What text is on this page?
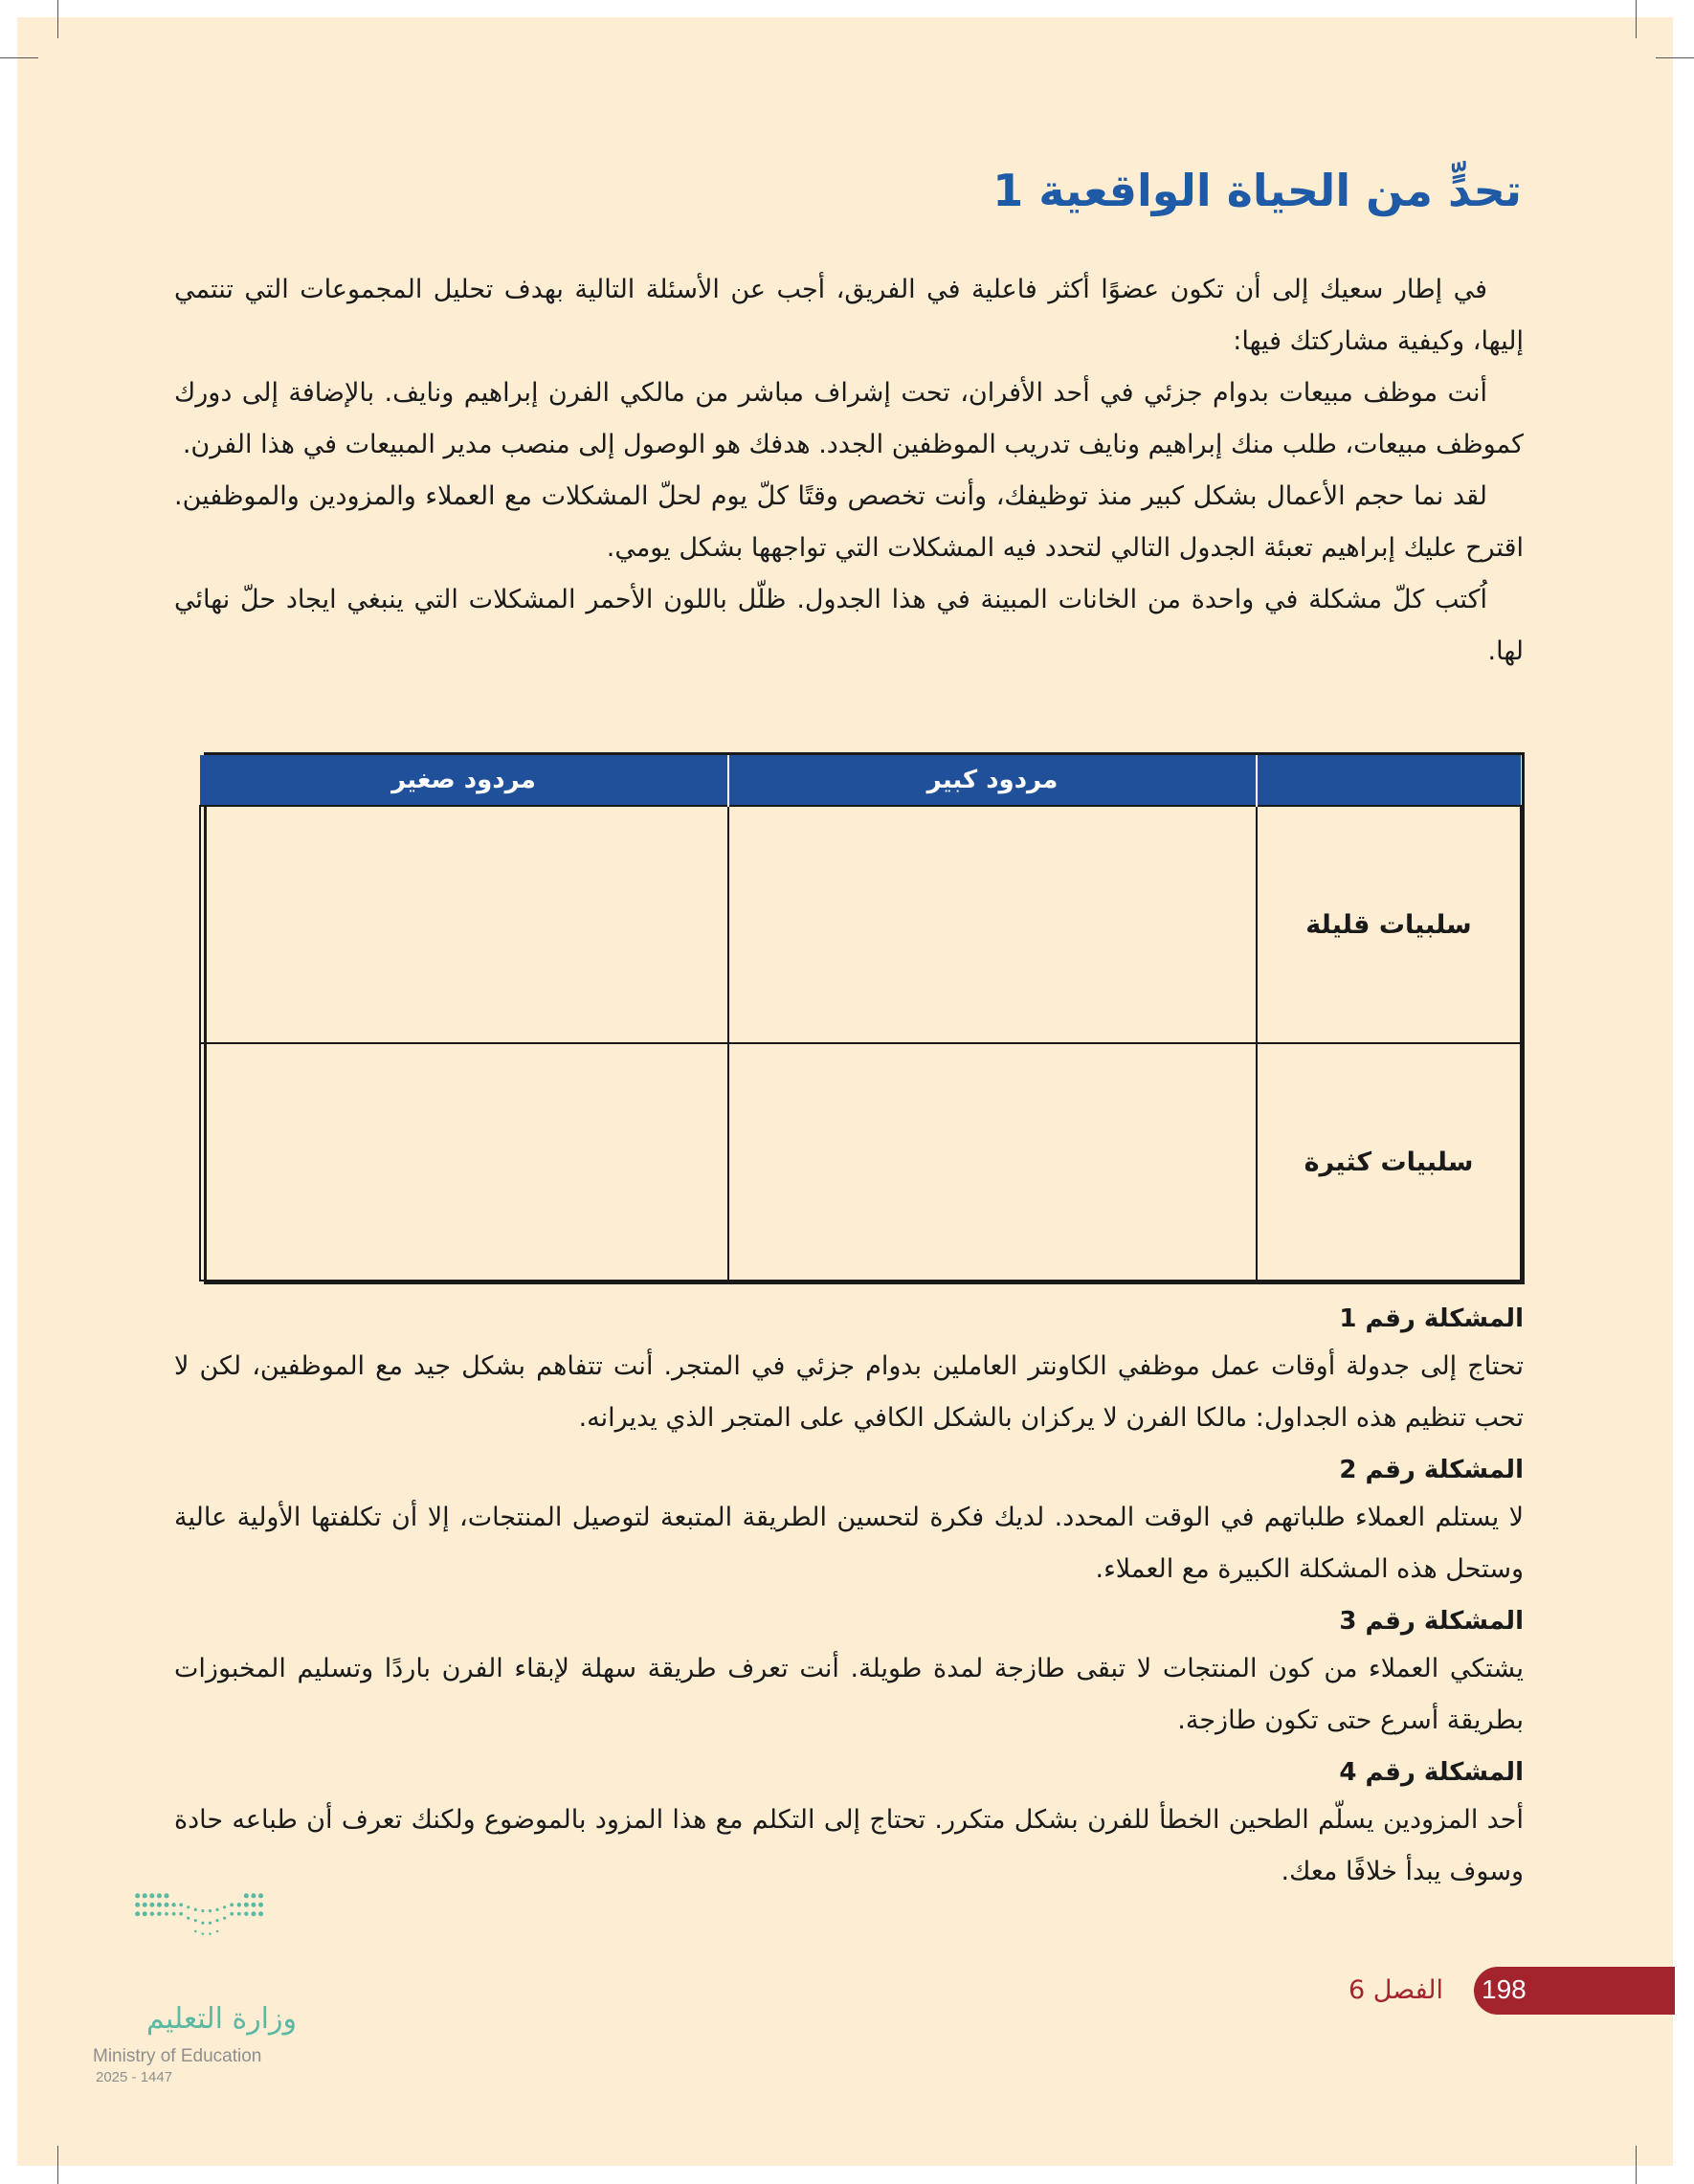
تحدٍّ من الحياة الواقعية 1

في إطار سعيك إلى أن تكون عضوًا أكثر فاعلية في الفريق، أجب عن الأسئلة التالية بهدف تحليل المجموعات التي تنتمي إليها، وكيفية مشاركتك فيها:

أنت موظف مبيعات بدوام جزئي في أحد الأفران، تحت إشراف مباشر من مالكي الفرن إبراهيم ونايف. بالإضافة إلى دورك كموظف مبيعات، طلب منك إبراهيم ونايف تدريب الموظفين الجدد. هدفك هو الوصول إلى منصب مدير المبيعات في هذا الفرن.

لقد نما حجم الأعمال بشكل كبير منذ توظيفك، وأنت تخصص وقتًا كلّ يوم لحلّ المشكلات مع العملاء والمزودين والموظفين. اقترح عليك إبراهيم تعبئة الجدول التالي لتحدد فيه المشكلات التي تواجهها بشكل يومي.

اُكتب كلّ مشكلة في واحدة من الخانات المبينة في هذا الجدول. ظلّل باللون الأحمر المشكلات التي ينبغي ايجاد حلّ نهائي لها.

	مردود كبير	مردود صغير
سلبيات قليلة		
سلبيات كثيرة		

المشكلة رقم 1

تحتاج إلى جدولة أوقات عمل موظفي الكاونتر العاملين بدوام جزئي في المتجر. أنت تتفاهم بشكل جيد مع الموظفين، لكن لا تحب تنظيم هذه الجداول: مالكا الفرن لا يركزان بالشكل الكافي على المتجر الذي يديرانه.

المشكلة رقم 2

لا يستلم العملاء طلباتهم في الوقت المحدد. لديك فكرة لتحسين الطريقة المتبعة لتوصيل المنتجات، إلا أن تكلفتها الأولية عالية وستحل هذه المشكلة الكبيرة مع العملاء.

المشكلة رقم 3

يشتكي العملاء من كون المنتجات لا تبقى طازجة لمدة طويلة. أنت تعرف طريقة سهلة لإبقاء الفرن باردًا وتسليم المخبوزات بطريقة أسرع حتى تكون طازجة.

المشكلة رقم 4

أحد المزودين يسلّم الطحين الخطأ للفرن بشكل متكرر. تحتاج إلى التكلم مع هذا المزود بالموضوع ولكنك تعرف أن طباعه حادة وسوف يبدأ خلافًا معك.

198
الفصل 6
وزارة التعليم
Ministry of Education
2025 - 1447
